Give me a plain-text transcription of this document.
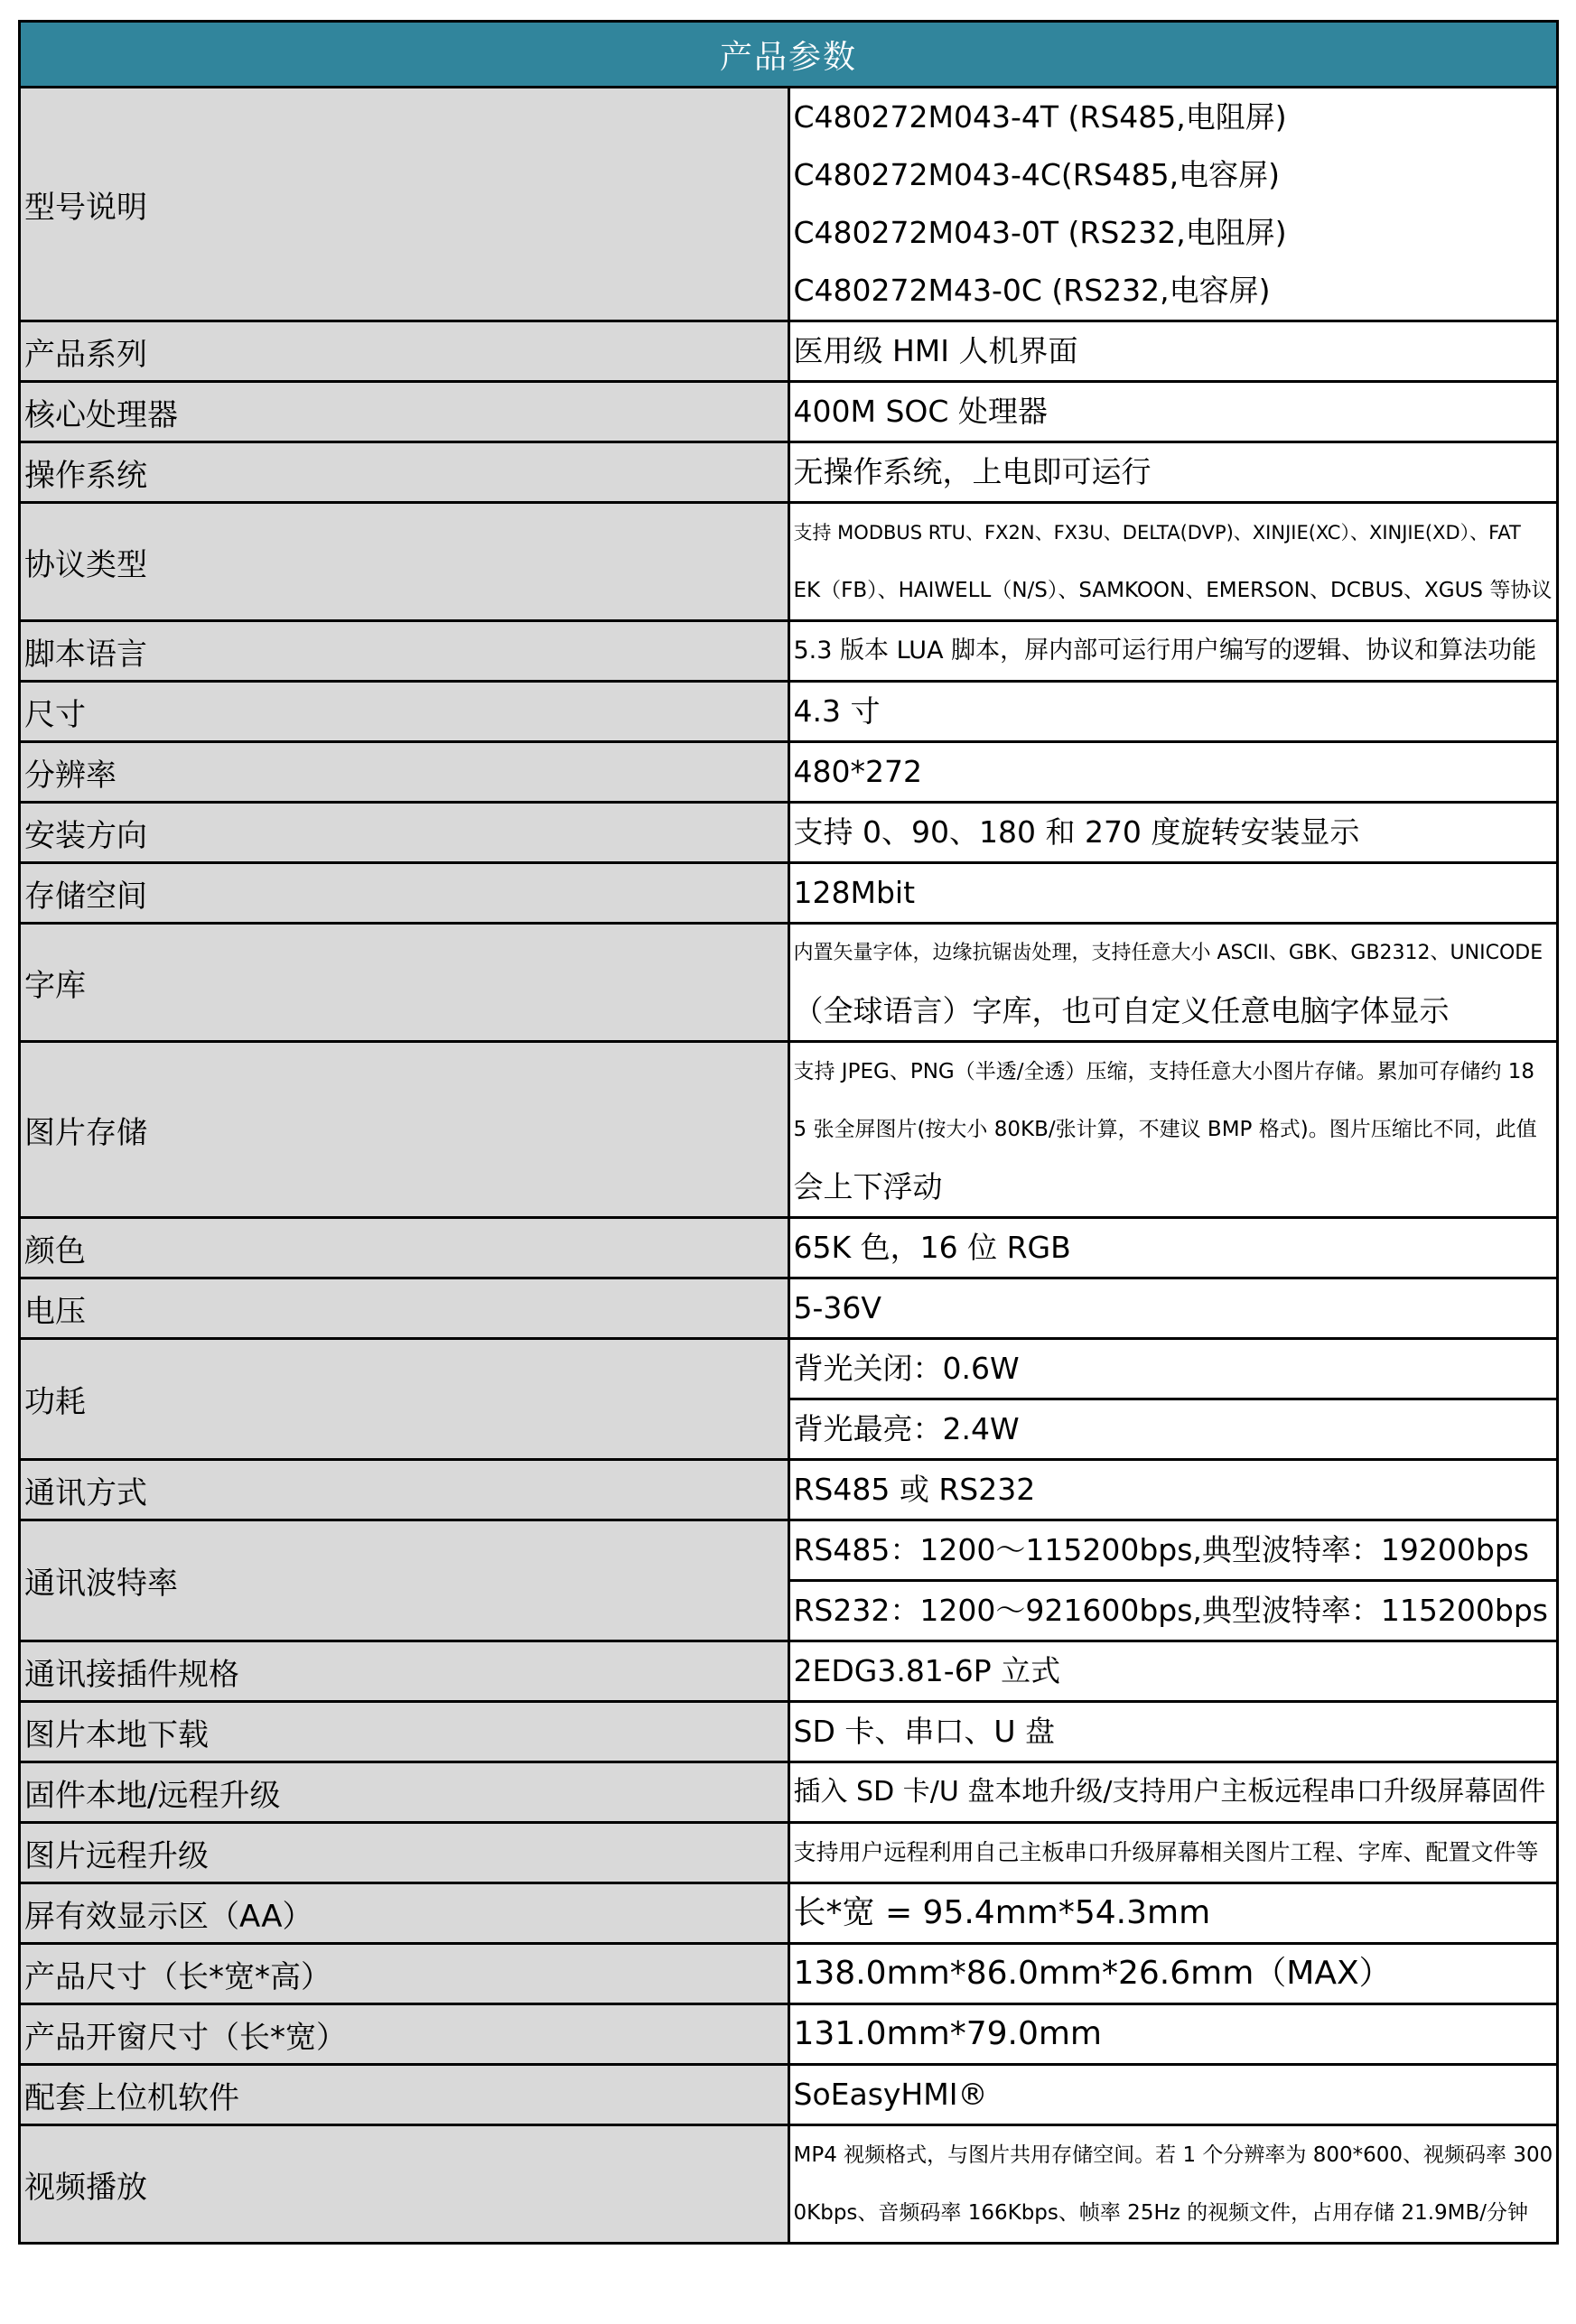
产品参数	
型号说明	C480272M043-4T (RS485,电阻屏)
C480272M043-4C(RS485,电容屏)
C480272M043-0T (RS232,电阻屏)
C480272M43-0C (RS232,电容屏)

产品系列	医用级 HMI 人机界面

核心处理器	400M SOC 处理器

操作系统	无操作系统，上电即可运行

协议类型	支持 MODBUS RTU、FX2N、FX3U、DELTA(DVP)、XINJIE(XC）、XINJIE(XD）、FAT
EK（FB）、HAIWELL（N/S）、SAMKOON、EMERSON、DCBUS、XGUS 等协议

脚本语言	5.3 版本 LUA 脚本，屏内部可运行用户编写的逻辑、协议和算法功能

尺寸	4.3 寸

分辨率	480*272

安装方向	支持 0、90、180 和 270 度旋转安装显示

存储空间	128Mbit

字库	内置矢量字体，边缘抗锯齿处理，支持任意大小 ASCII、GBK、GB2312、UNICODE
（全球语言）字库，也可自定义任意电脑字体显示

图片存储	支持 JPEG、PNG（半透/全透）压缩，支持任意大小图片存储。累加可存储约 18
5 张全屏图片(按大小 80KB/张计算，不建议 BMP 格式)。图片压缩比不同，此值
会上下浮动

颜色	65K 色，16 位 RGB

电压	5-36V

功耗	背光关闭：0.6W

	背光最亮：2.4W

通讯方式	RS485 或 RS232

通讯波特率	RS485：1200～115200bps,典型波特率：19200bps

	RS232：1200～921600bps,典型波特率：115200bps

通讯接插件规格	2EDG3.81-6P 立式

图片本地下载	SD 卡、串口、U 盘

固件本地/远程升级	插入 SD 卡/U 盘本地升级/支持用户主板远程串口升级屏幕固件

图片远程升级	支持用户远程利用自己主板串口升级屏幕相关图片工程、字库、配置文件等

屏有效显示区（AA）	长*宽 = 95.4mm*54.3mm

产品尺寸（长*宽*高）	138.0mm*86.0mm*26.6mm（MAX）

产品开窗尺寸（长*宽）	131.0mm*79.0mm

配套上位机软件	SoEasyHMI®

视频播放	MP4 视频格式，与图片共用存储空间。若 1 个分辨率为 800*600、视频码率 300
0Kbps、音频码率 166Kbps、帧率 25Hz 的视频文件，占用存储 21.9MB/分钟
